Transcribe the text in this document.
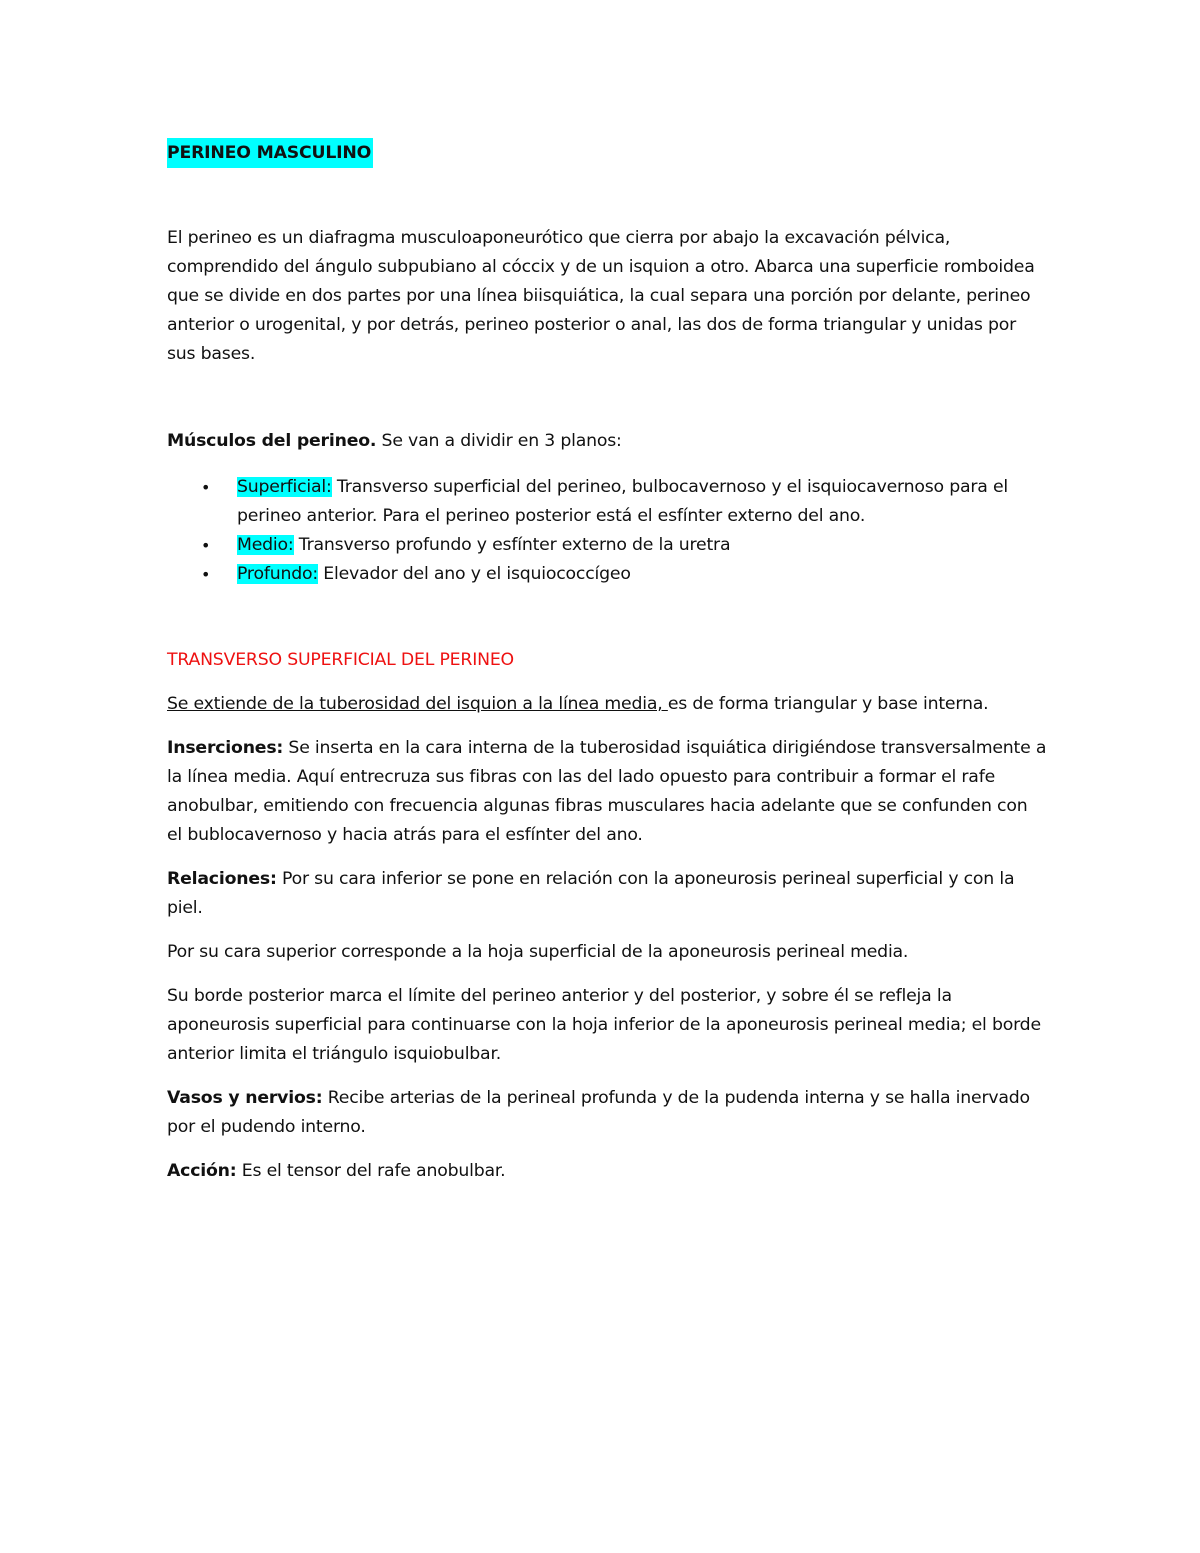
PERINEO MASCULINO

El perineo es un diafragma musculoaponeurótico que cierra por abajo la excavación pélvica, comprendido del ángulo subpubiano al cóccix y de un isquion a otro. Abarca una superficie romboidea que se divide en dos partes por una línea biisquiática, la cual separa una porción por delante, perineo anterior o urogenital, y por detrás, perineo posterior o anal, las dos de forma triangular y unidas por sus bases.

Músculos del perineo. Se van a dividir en 3 planos:

• Superficial: Transverso superficial del perineo, bulbocavernoso y el isquiocavernoso para el perineo anterior. Para el perineo posterior está el esfínter externo del ano.
• Medio: Transverso profundo y esfínter externo de la uretra
• Profundo: Elevador del ano y el isquiococcígeo

TRANSVERSO SUPERFICIAL DEL PERINEO

Se extiende de la tuberosidad del isquion a la línea media, es de forma triangular y base interna.

Inserciones: Se inserta en la cara interna de la tuberosidad isquiática dirigiéndose transversalmente a la línea media. Aquí entrecruza sus fibras con las del lado opuesto para contribuir a formar el rafe anobulbar, emitiendo con frecuencia algunas fibras musculares hacia adelante que se confunden con el bublocavernoso y hacia atrás para el esfínter del ano.

Relaciones: Por su cara inferior se pone en relación con la aponeurosis perineal superficial y con la piel.

Por su cara superior corresponde a la hoja superficial de la aponeurosis perineal media.

Su borde posterior marca el límite del perineo anterior y del posterior, y sobre él se refleja la aponeurosis superficial para continuarse con la hoja inferior de la aponeurosis perineal media; el borde anterior limita el triángulo isquiobulbar.

Vasos y nervios: Recibe arterias de la perineal profunda y de la pudenda interna y se halla inervado por el pudendo interno.

Acción: Es el tensor del rafe anobulbar.
